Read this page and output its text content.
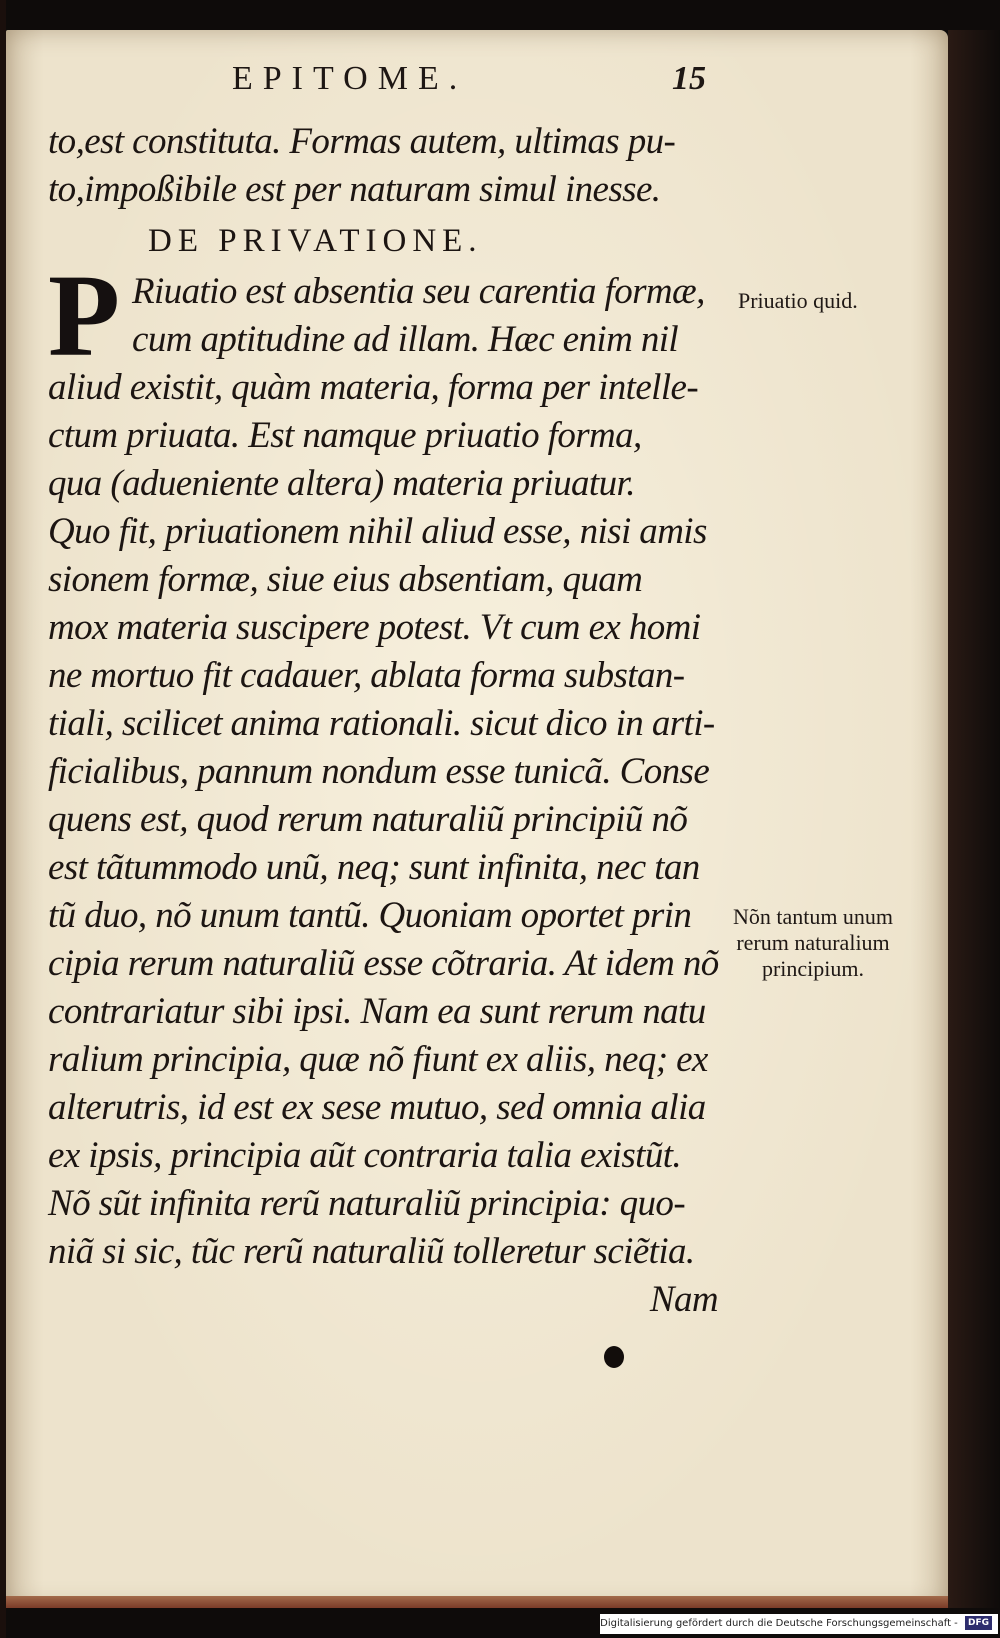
EPITOME.	15
to,est constituta. Formas autem, ultimas pu-
to,impoßibile est per naturam simul inesse.
DE PRIVATIONE.
P Riuatio est absentia seu carentia formæ,
cum aptitudine ad illam. Hæc enim nil
aliud existit, quàm materia, forma per intelle-
ctum priuata. Est namque priuatio forma,
qua (adueniente altera) materia priuatur.
Quo fit, priuationem nihil aliud esse, nisi amis
sionem formæ, siue eius absentiam, quam
mox materia suscipere potest. Vt cum ex homi
ne mortuo fit cadauer, ablata forma substan-
tiali, scilicet anima rationali. sicut dico in arti-
ficialibus, pannum nondum esse tunicã. Conse
quens est, quod rerum naturaliũ principiũ nõ
est tãtummodo unũ, neq; sunt infinita, nec tan
tũ duo, nõ unum tantũ. Quoniam oportet prin
cipia rerum naturaliũ esse cõtraria. At idem nõ
contrariatur sibi ipsi. Nam ea sunt rerum natu
ralium principia, quæ nõ fiunt ex aliis, neq; ex
alterutris, id est ex sese mutuo, sed omnia alia
ex ipsis, principia aũt contraria talia existũt.
Nõ sũt infinita rerũ naturaliũ principia: quo-
niã si sic, tũc rerũ naturaliũ tolleretur sciẽtia.
Nam
Priuatio quid.
Nõn tantum unum rerum naturalium principium.
Digitalisierung gefördert durch die Deutsche Forschungsgemeinschaft - DFG
